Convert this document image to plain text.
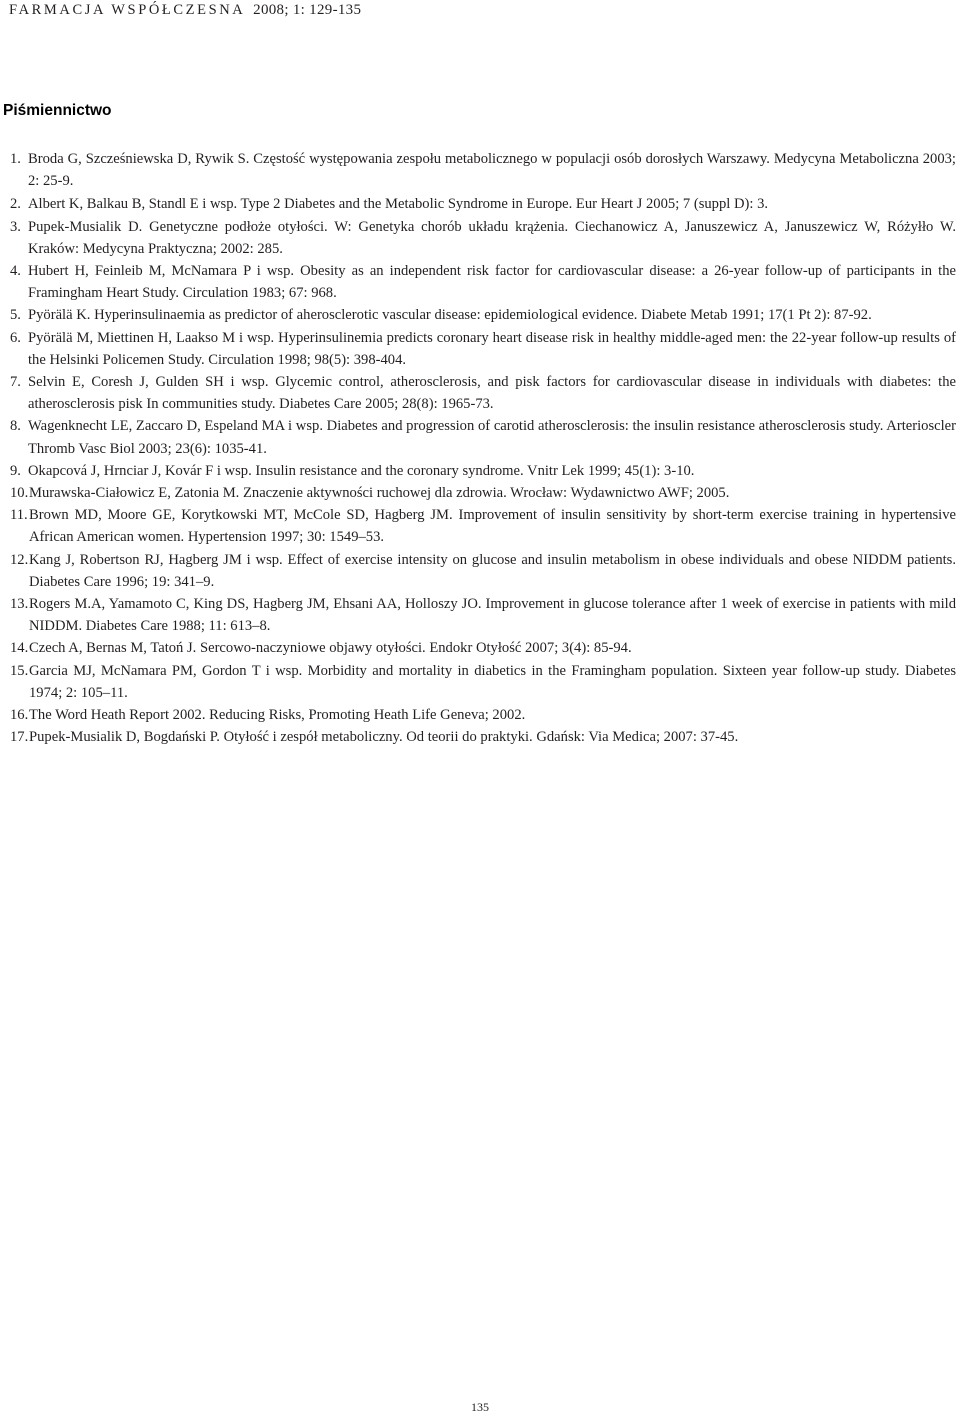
FARMACJA WSPÓŁCZESNA 2008; 1: 129-135
Piśmiennictwo
1. Broda G, Szcześniewska D, Rywik S. Częstość występowania zespołu metabolicznego w populacji osób dorosłych Warszawy. Medycyna Metaboliczna 2003; 2: 25-9.
2. Albert K, Balkau B, Standl E i wsp. Type 2 Diabetes and the Metabolic Syndrome in Europe. Eur Heart J 2005; 7 (suppl D): 3.
3. Pupek-Musialik D. Genetyczne podłoże otyłości. W: Genetyka chorób układu krążenia. Ciechanowicz A, Januszewicz A, Januszewicz W, Różyłło W. Kraków: Medycyna Praktyczna; 2002: 285.
4. Hubert H, Feinleib M, McNamara P i wsp. Obesity as an independent risk factor for cardiovascular disease: a 26-year follow-up of participants in the Framingham Heart Study. Circulation 1983; 67: 968.
5. Pyörälä K. Hyperinsulinaemia as predictor of aherosclerotic vascular disease: epidemiological evidence. Diabete Metab 1991; 17(1 Pt 2): 87-92.
6. Pyörälä M, Miettinen H, Laakso M i wsp. Hyperinsulinemia predicts coronary heart disease risk in healthy middle-aged men: the 22-year follow-up results of the Helsinki Policemen Study. Circulation 1998; 98(5): 398-404.
7. Selvin E, Coresh J, Gulden SH i wsp. Glycemic control, atherosclerosis, and pisk factors for cardiovascular disease in individuals with diabetes: the atherosclerosis pisk In communities study. Diabetes Care 2005; 28(8): 1965-73.
8. Wagenknecht LE, Zaccaro D, Espeland MA i wsp. Diabetes and progression of carotid atherosclerosis: the insulin resistance atherosclerosis study. Arterioscler Thromb Vasc Biol 2003; 23(6): 1035-41.
9. Okapcová J, Hrnciar J, Kovár F i wsp. Insulin resistance and the coronary syndrome. Vnitr Lek 1999; 45(1): 3-10.
10. Murawska-Ciałowicz E, Zatonia M. Znaczenie aktywności ruchowej dla zdrowia. Wrocław: Wydawnictwo AWF; 2005.
11. Brown MD, Moore GE, Korytkowski MT, McCole SD, Hagberg JM. Improvement of insulin sensitivity by short-term exercise training in hypertensive African American women. Hypertension 1997; 30: 1549–53.
12. Kang J, Robertson RJ, Hagberg JM i wsp. Effect of exercise intensity on glucose and insulin metabolism in obese individuals and obese NIDDM patients. Diabetes Care 1996; 19: 341–9.
13. Rogers M.A, Yamamoto C, King DS, Hagberg JM, Ehsani AA, Holloszy JO. Improvement in glucose tolerance after 1 week of exercise in patients with mild NIDDM. Diabetes Care 1988; 11: 613–8.
14. Czech A, Bernas M, Tatoń J. Sercowo-naczyniowe objawy otyłości. Endokr Otyłość 2007; 3(4): 85-94.
15. Garcia MJ, McNamara PM, Gordon T i wsp. Morbidity and mortality in diabetics in the Framingham population. Sixteen year follow-up study. Diabetes 1974; 2: 105–11.
16. The Word Heath Report 2002. Reducing Risks, Promoting Heath Life Geneva; 2002.
17. Pupek-Musialik D, Bogdański P. Otyłość i zespół metaboliczny. Od teorii do praktyki. Gdańsk: Via Medica; 2007: 37-45.
135
